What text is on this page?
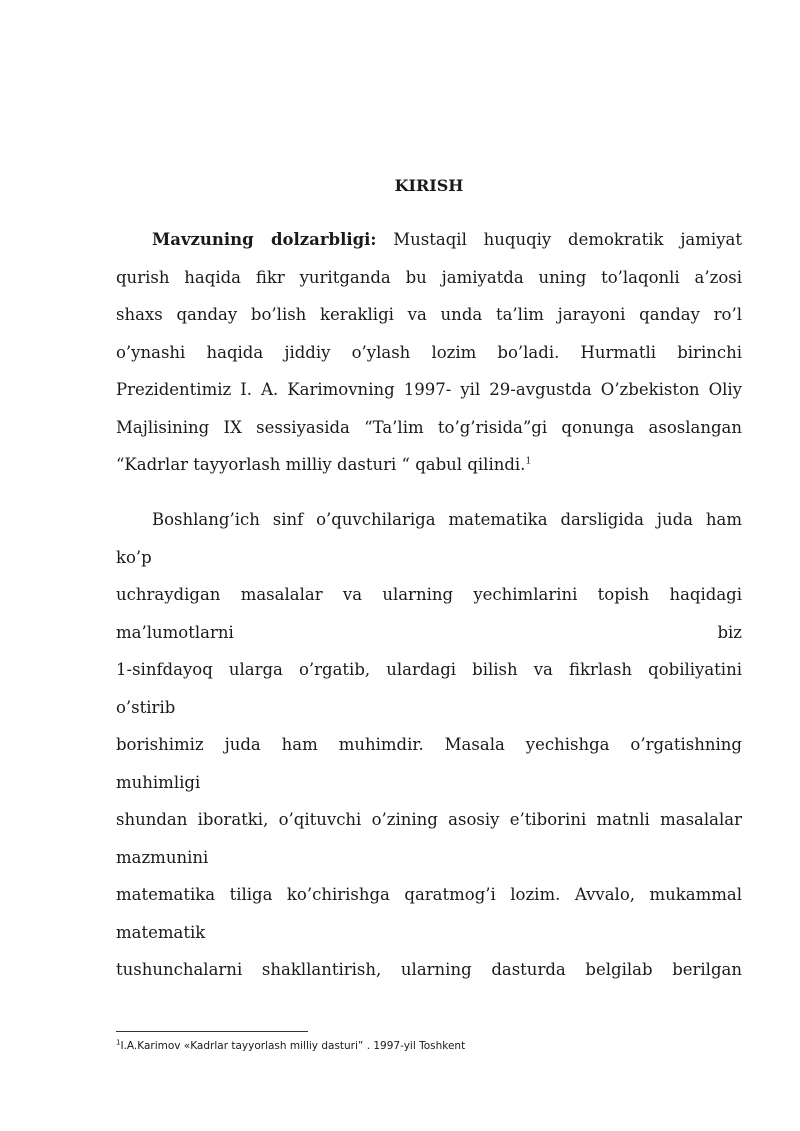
KIRISH
Mavzuning dolzarbligi: Mustaqil huquqiy demokratik jamiyat
qurish haqida fikr yuritganda bu jamiyatda uning to’laqonli a’zosi
shaxs qanday bo’lish kerakligi va unda ta’lim jarayoni qanday ro’l
o’ynashi haqida jiddiy o’ylash lozim bo’ladi. Hurmatli birinchi
Prezidentimiz I. A. Karimovning 1997- yil 29-avgustda O’zbekiston Oliy
Majlisining IX sessiyasida “Ta’lim to’g’risida”gi qonunga asoslangan
“Kadrlar tayyorlash milliy dasturi “ qabul qilindi.$^1$
Boshlang’ich sinf o’quvchilariga matematika darsligida juda ham
ko’p
uchraydigan masalalar va ularning yechimlarini topish haqidagi
ma’lumotlarni biz
1-sinfdayoq ularga o’rgatib, ulardagi bilish va fikrlash qobiliyatini
o’stirib
borishimiz juda ham muhimdir. Masala yechishga o’rgatishning
muhimligi
shundan iboratki, o’qituvchi o’zining asosiy e’tiborini matnli masalalar
mazmunini
matematika tiliga ko’chirishga qaratmog’i lozim. Avvalo, mukammal
matematik
tushunchalarni shakllantirish, ularning dasturda belgilab berilgan
$^1$I.A.Karimov «Kadrlar tayyorlash milliy dasturi” . 1997-yil Toshkent
